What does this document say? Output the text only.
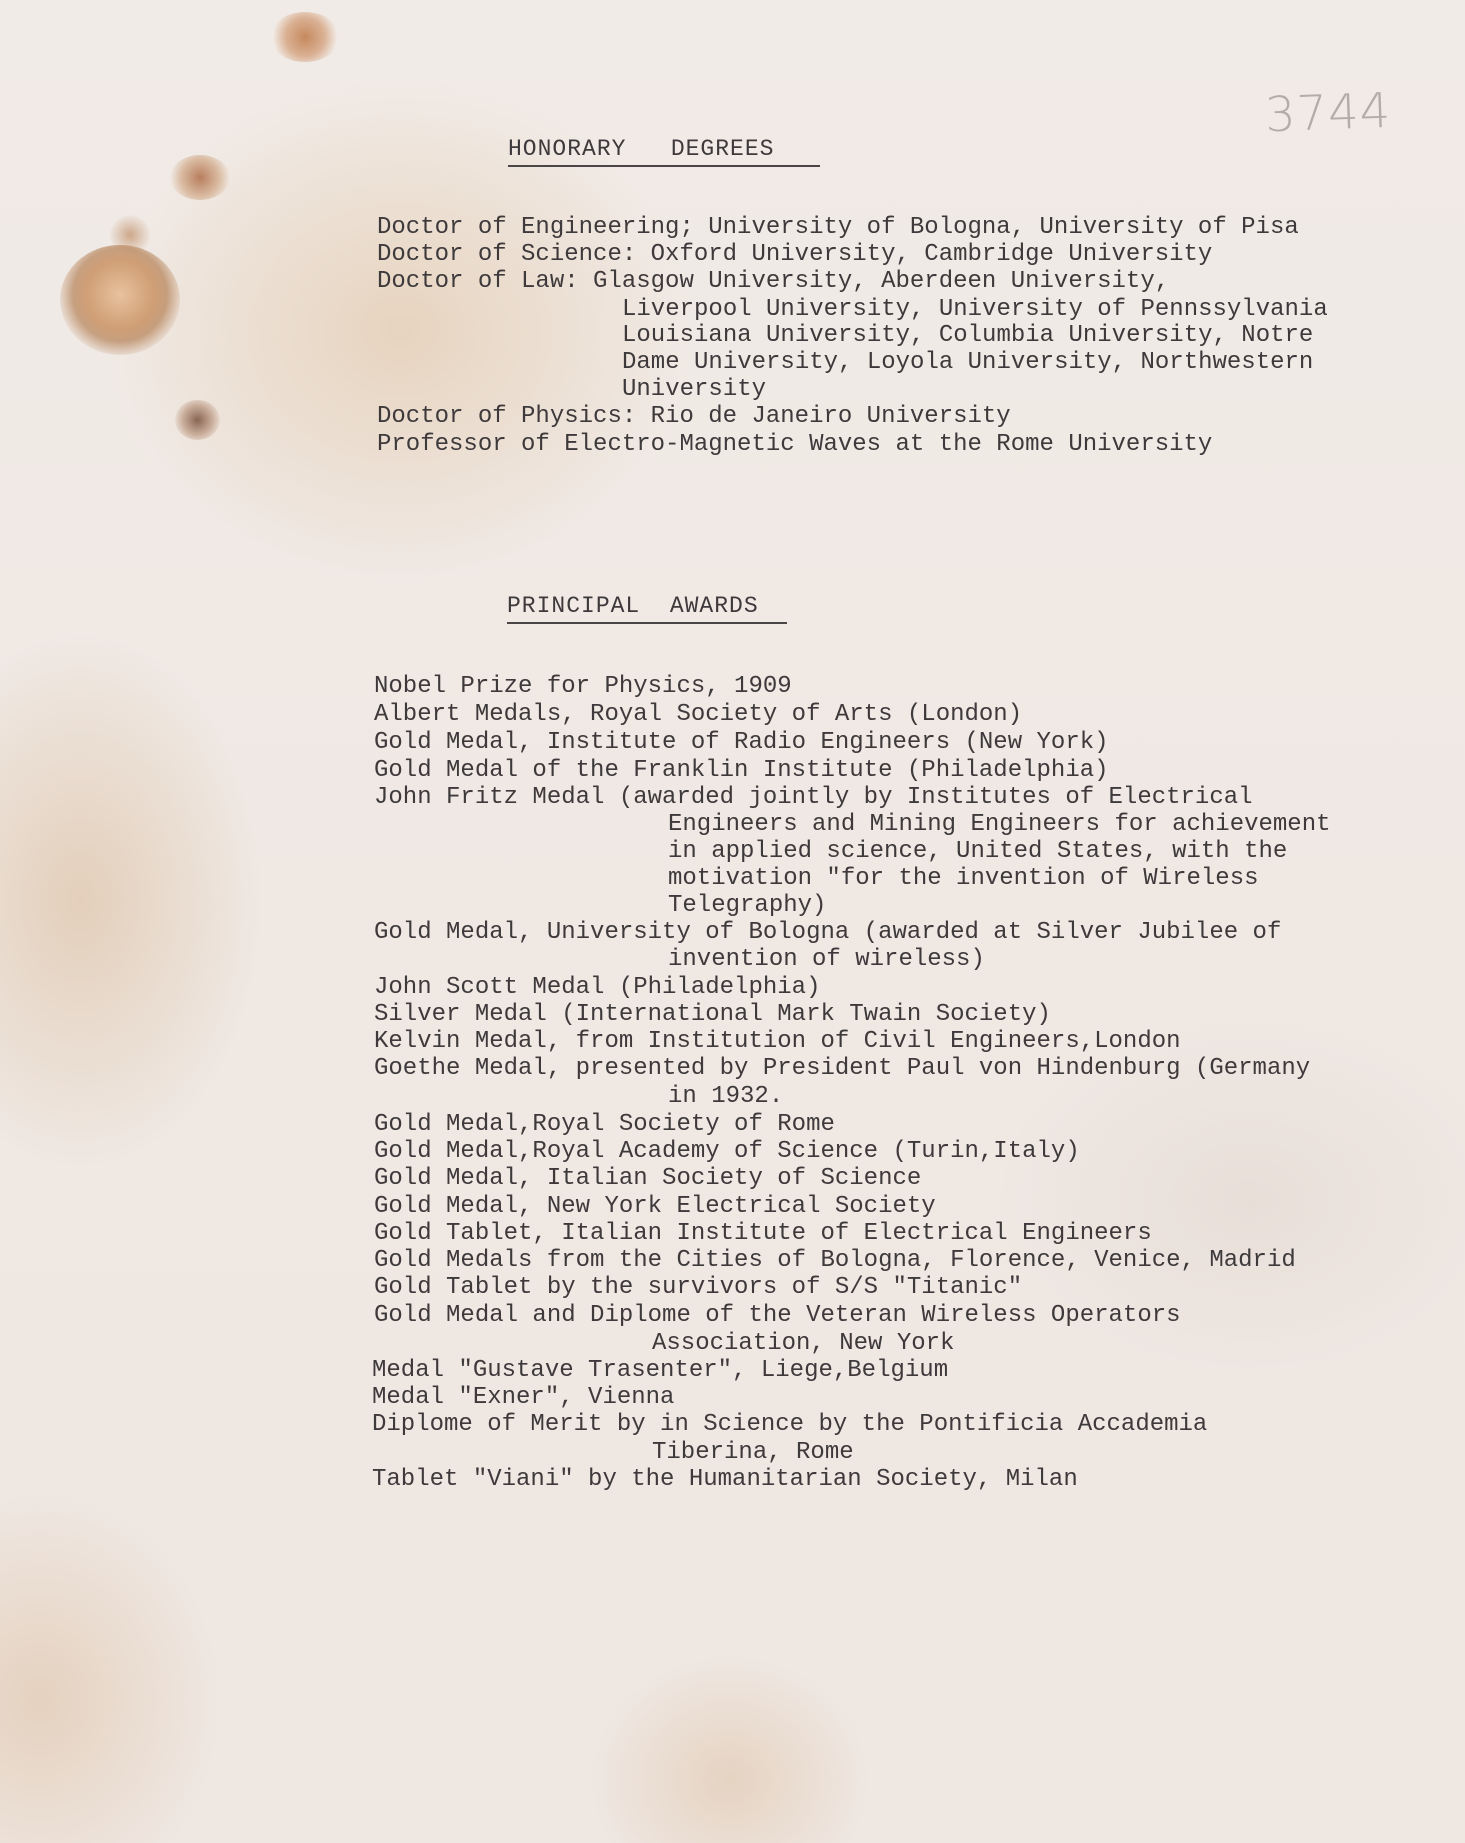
3744
HONORARY   DEGREES
Doctor of Engineering; University of Bologna, University of Pisa
Doctor of Science: Oxford University, Cambridge University
Doctor of Law: Glasgow University, Aberdeen University,
Liverpool University, University of Pennssylvania
Louisiana University, Columbia University, Notre
Dame University, Loyola University, Northwestern
University
Doctor of Physics: Rio de Janeiro University
Professor of Electro-Magnetic Waves at the Rome University
PRINCIPAL  AWARDS
Nobel Prize for Physics, 1909
Albert Medals, Royal Society of Arts (London)
Gold Medal, Institute of Radio Engineers (New York)
Gold Medal of the Franklin Institute (Philadelphia)
John Fritz Medal (awarded jointly by Institutes of Electrical
Engineers and Mining Engineers for achievement
in applied science, United States, with the
motivation "for the invention of Wireless
Telegraphy)
Gold Medal, University of Bologna (awarded at Silver Jubilee of
invention of wireless)
John Scott Medal (Philadelphia)
Silver Medal (International Mark Twain Society)
Kelvin Medal, from Institution of Civil Engineers,London
Goethe Medal, presented by President Paul von Hindenburg (Germany
in 1932.
Gold Medal,Royal Society of Rome
Gold Medal,Royal Academy of Science (Turin,Italy)
Gold Medal, Italian Society of Science
Gold Medal, New York Electrical Society
Gold Tablet, Italian Institute of Electrical Engineers
Gold Medals from the Cities of Bologna, Florence, Venice, Madrid
Gold Tablet by the survivors of S/S "Titanic"
Gold Medal and Diplome of the Veteran Wireless Operators
Association, New York
Medal "Gustave Trasenter", Liege,Belgium
Medal "Exner", Vienna
Diplome of Merit by in Science by the Pontificia Accademia
Tiberina, Rome
Tablet "Viani" by the Humanitarian Society, Milan
